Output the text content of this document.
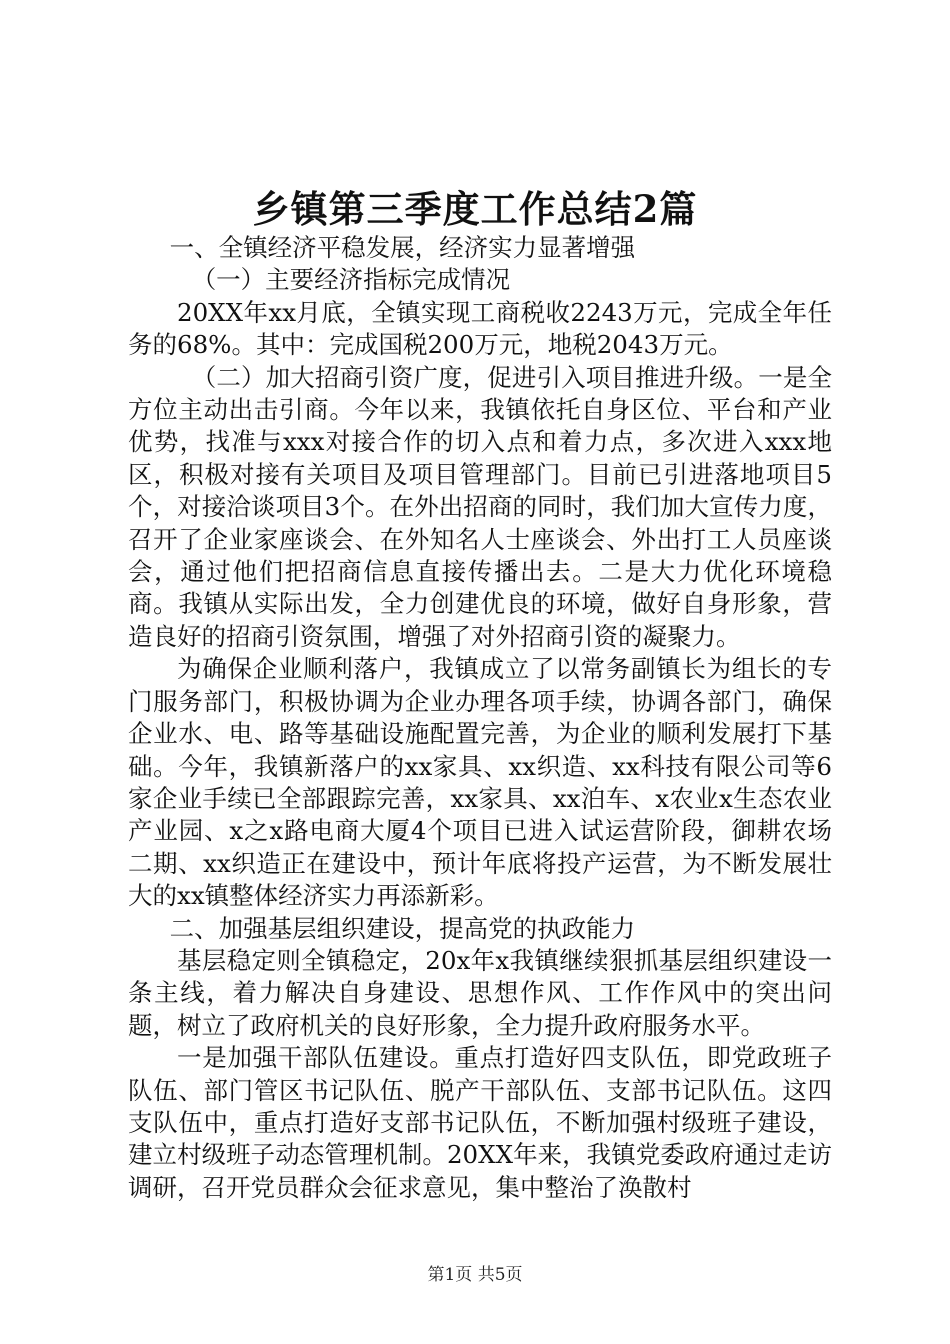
乡镇第三季度工作总结2篇

一、全镇经济平稳发展，经济实力显著增强

（一）主要经济指标完成情况

20XX年xx月底，全镇实现工商税收2243万元，完成全年任务的68%。其中：完成国税200万元，地税2043万元。

（二）加大招商引资广度，促进引入项目推进升级。一是全方位主动出击引商。今年以来，我镇依托自身区位、平台和产业优势，找准与xxx对接合作的切入点和着力点，多次进入xxx地区，积极对接有关项目及项目管理部门。目前已引进落地项目5个，对接洽谈项目3个。在外出招商的同时，我们加大宣传力度，召开了企业家座谈会、在外知名人士座谈会、外出打工人员座谈会，通过他们把招商信息直接传播出去。二是大力优化环境稳商。我镇从实际出发，全力创建优良的环境，做好自身形象，营造良好的招商引资氛围，增强了对外招商引资的凝聚力。

为确保企业顺利落户，我镇成立了以常务副镇长为组长的专门服务部门，积极协调为企业办理各项手续，协调各部门，确保企业水、电、路等基础设施配置完善，为企业的顺利发展打下基础。今年，我镇新落户的xx家具、xx织造、xx科技有限公司等6家企业手续已全部跟踪完善，xx家具、xx泊车、x农业x生态农业产业园、x之x路电商大厦4个项目已进入试运营阶段，御耕农场二期、xx织造正在建设中，预计年底将投产运营，为不断发展壮大的xx镇整体经济实力再添新彩。

二、加强基层组织建设，提高党的执政能力

基层稳定则全镇稳定，20x年x我镇继续狠抓基层组织建设一条主线，着力解决自身建设、思想作风、工作作风中的突出问题，树立了政府机关的良好形象，全力提升政府服务水平。

一是加强干部队伍建设。重点打造好四支队伍，即党政班子队伍、部门管区书记队伍、脱产干部队伍、支部书记队伍。这四支队伍中，重点打造好支部书记队伍，不断加强村级班子建设，建立村级班子动态管理机制。20XX年来，我镇党委政府通过走访调研，召开党员群众会征求意见，集中整治了涣散村

第1页 共5页
